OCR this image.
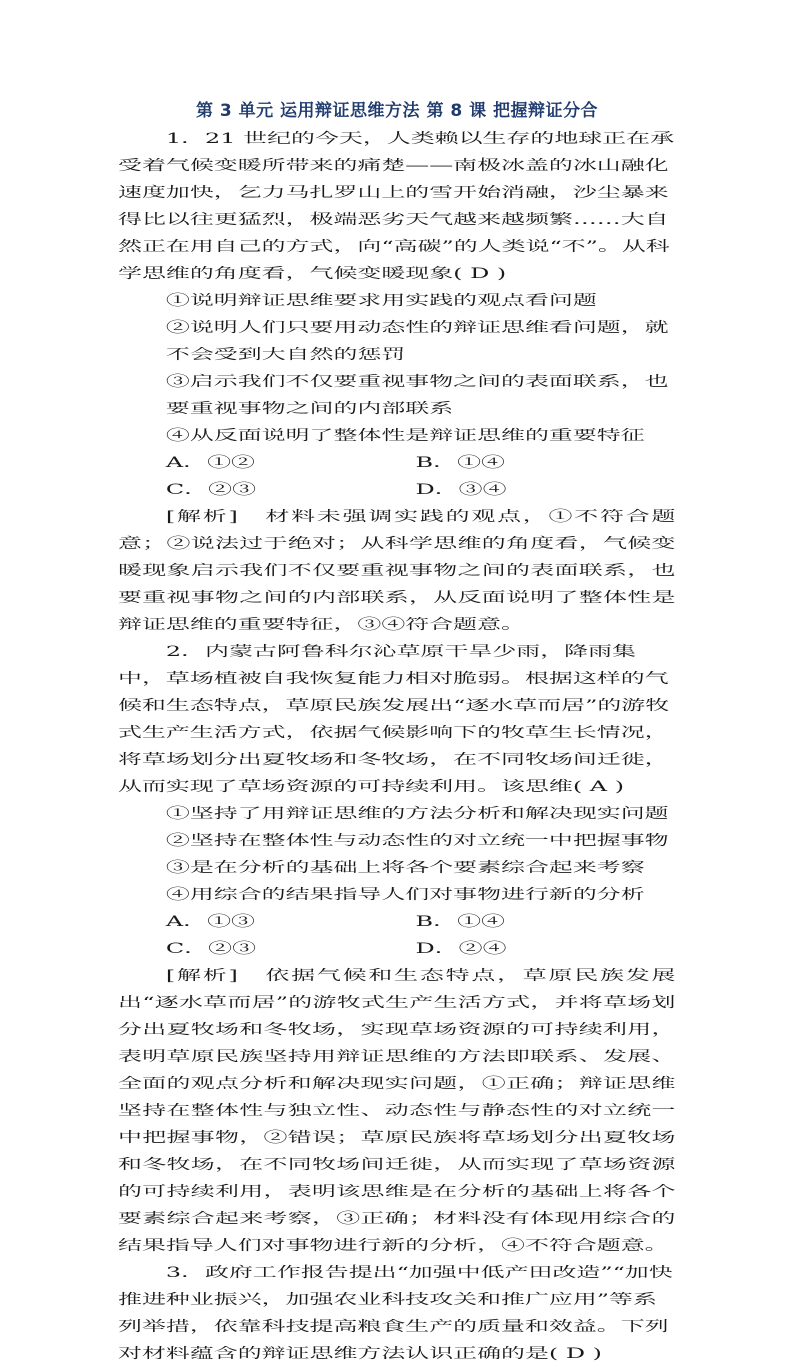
第 3 单元 运用辩证思维方法 第 8 课 把握辩证分合

1．21 世纪的今天，人类赖以生存的地球正在承受着气候变暖所带来的痛楚——南极冰盖的冰山融化速度加快，乞力马扎罗山上的雪开始消融，沙尘暴来得比以往更猛烈，极端恶劣天气越来越频繁……大自然正在用自己的方式，向“高碳”的人类说“不”。从科学思维的角度看，气候变暖现象( D )

①说明辩证思维要求用实践的观点看问题

②说明人们只要用动态性的辩证思维看问题，就不会受到大自然的惩罚

③启示我们不仅要重视事物之间的表面联系，也要重视事物之间的内部联系

④从反面说明了整体性是辩证思维的重要特征

A．①②	B．①④
C．②③	D．③④

[解析]　材料未强调实践的观点，①不符合题意；②说法过于绝对；从科学思维的角度看，气候变暖现象启示我们不仅要重视事物之间的表面联系，也要重视事物之间的内部联系，从反面说明了整体性是辩证思维的重要特征，③④符合题意。

2．内蒙古阿鲁科尔沁草原干旱少雨，降雨集中，草场植被自我恢复能力相对脆弱。根据这样的气候和生态特点，草原民族发展出“逐水草而居”的游牧式生产生活方式，依据气候影响下的牧草生长情况，将草场划分出夏牧场和冬牧场，在不同牧场间迁徙，从而实现了草场资源的可持续利用。该思维( A )

①坚持了用辩证思维的方法分析和解决现实问题

②坚持在整体性与动态性的对立统一中把握事物

③是在分析的基础上将各个要素综合起来考察

④用综合的结果指导人们对事物进行新的分析

A．①③	B．①④
C．②③	D．②④

[解析]　依据气候和生态特点，草原民族发展出“逐水草而居”的游牧式生产生活方式，并将草场划分出夏牧场和冬牧场，实现草场资源的可持续利用，表明草原民族坚持用辩证思维的方法即联系、发展、全面的观点分析和解决现实问题，①正确；辩证思维坚持在整体性与独立性、动态性与静态性的对立统一中把握事物，②错误；草原民族将草场划分出夏牧场和冬牧场，在不同牧场间迁徙，从而实现了草场资源的可持续利用，表明该思维是在分析的基础上将各个要素综合起来考察，③正确；材料没有体现用综合的结果指导人们对事物进行新的分析，④不符合题意。

3．政府工作报告提出“加强中低产田改造”“加快推进种业振兴，加强农业科技攻关和推广应用”等系列举措，依靠科技提高粮食生产的质量和效益。下列对材料蕴含的辩证思维方法认识正确的是( D )
